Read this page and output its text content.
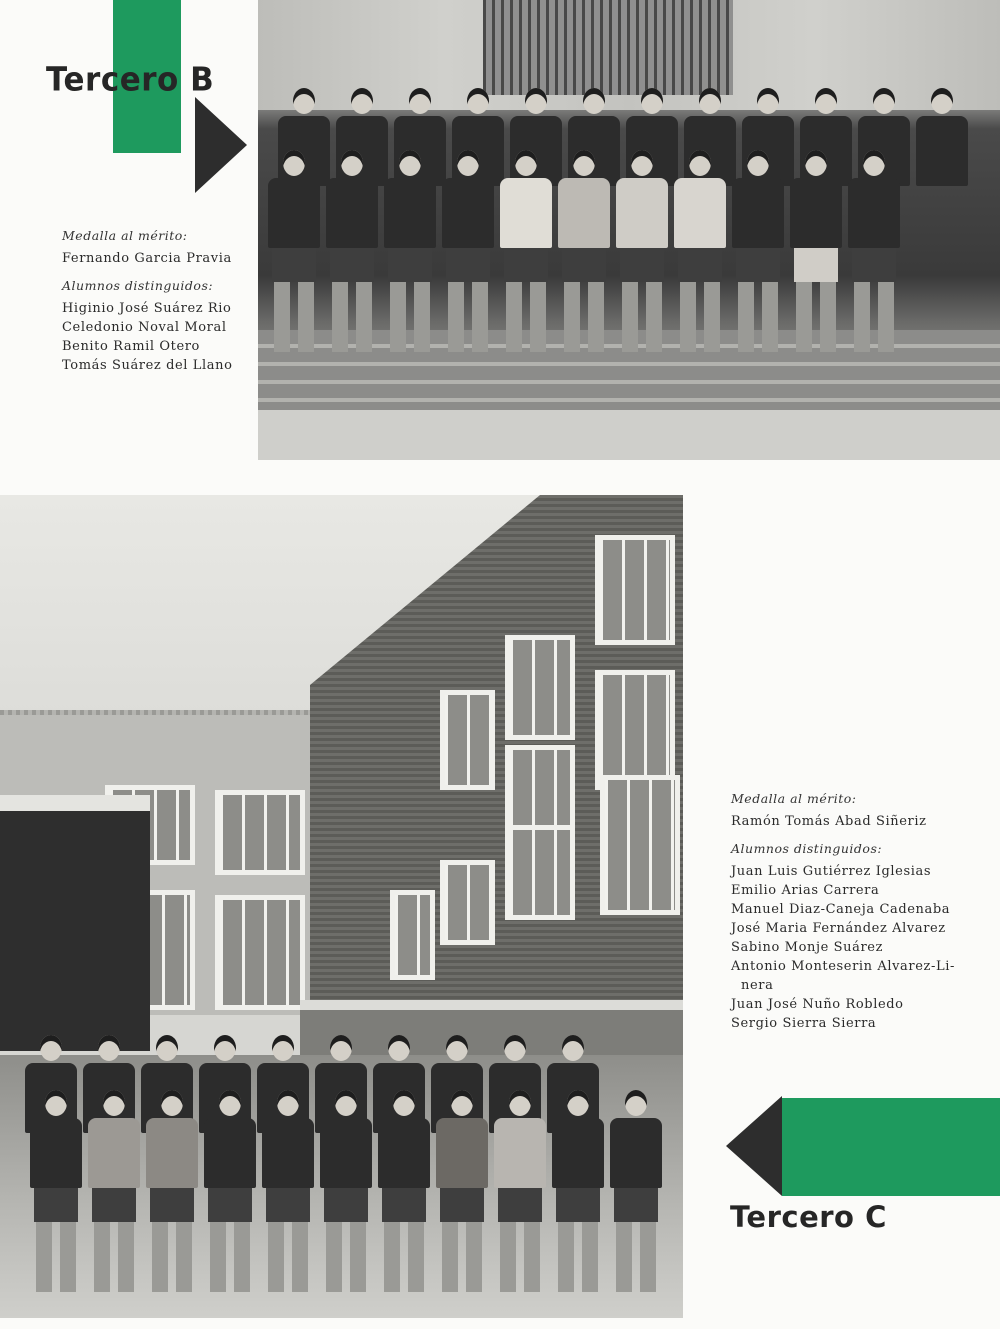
Tercero B
Medalla al mérito:
Fernando Garcia Pravia
Alumnos distinguidos:
Higinio José Suárez Rio
Celedonio Noval Moral
Benito Ramil Otero
Tomás Suárez del Llano
Medalla al mérito:
Ramón Tomás Abad Siñeriz
Alumnos distinguidos:
Juan Luis Gutiérrez Iglesias
Emilio Arias Carrera
Manuel Diaz-Caneja Cadenaba
José Maria Fernández Alvarez
Sabino Monje Suárez
Antonio Monteserin Alvarez-Li-
nera
Juan José Nuño Robledo
Sergio Sierra Sierra
Tercero C
